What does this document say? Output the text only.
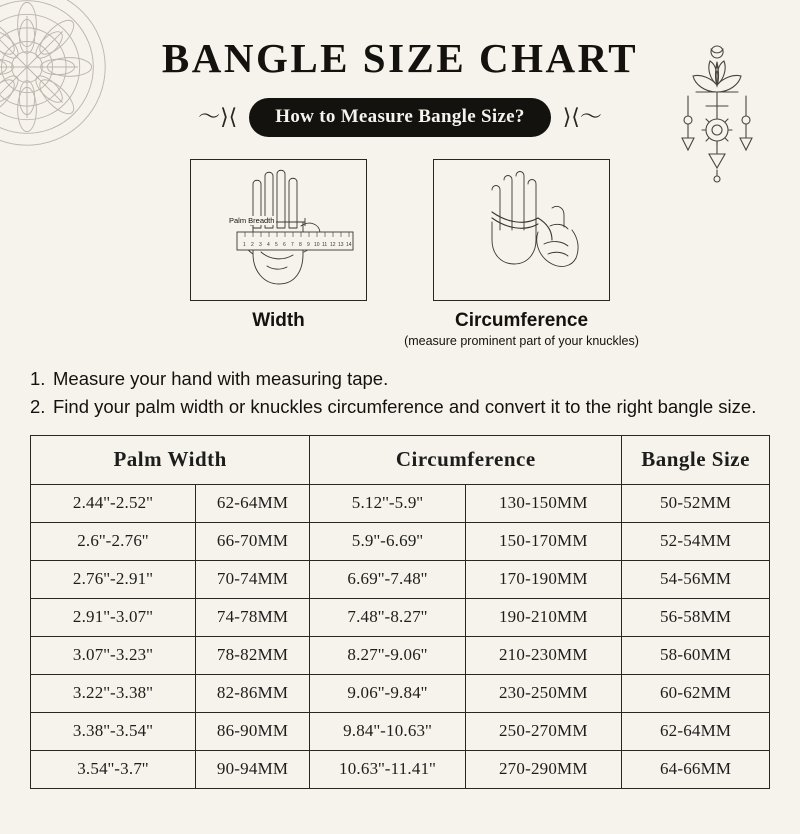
BANGLE SIZE CHART
〜⟩⟨	How to Measure Bangle Size?	⟩⟨〜
1 2 3 4 5 6 7 8 9 10 11 12 13 14
Palm Breadth
Width	Circumference
(measure prominent part of your knuckles)
1. Measure your hand with measuring tape.
2. Find your palm width or knuckles circumference and convert it to the right bangle size.
Palm Width		Circumference		Bangle Size
2.44''-2.52''	62-64MM	5.12''-5.9''	130-150MM	50-52MM
2.6''-2.76''	66-70MM	5.9''-6.69''	150-170MM	52-54MM
2.76''-2.91''	70-74MM	6.69''-7.48''	170-190MM	54-56MM
2.91''-3.07''	74-78MM	7.48''-8.27''	190-210MM	56-58MM
3.07''-3.23''	78-82MM	8.27''-9.06''	210-230MM	58-60MM
3.22''-3.38''	82-86MM	9.06''-9.84''	230-250MM	60-62MM
3.38''-3.54''	86-90MM	9.84''-10.63''	250-270MM	62-64MM
3.54''-3.7''	90-94MM	10.63''-11.41''	270-290MM	64-66MM
